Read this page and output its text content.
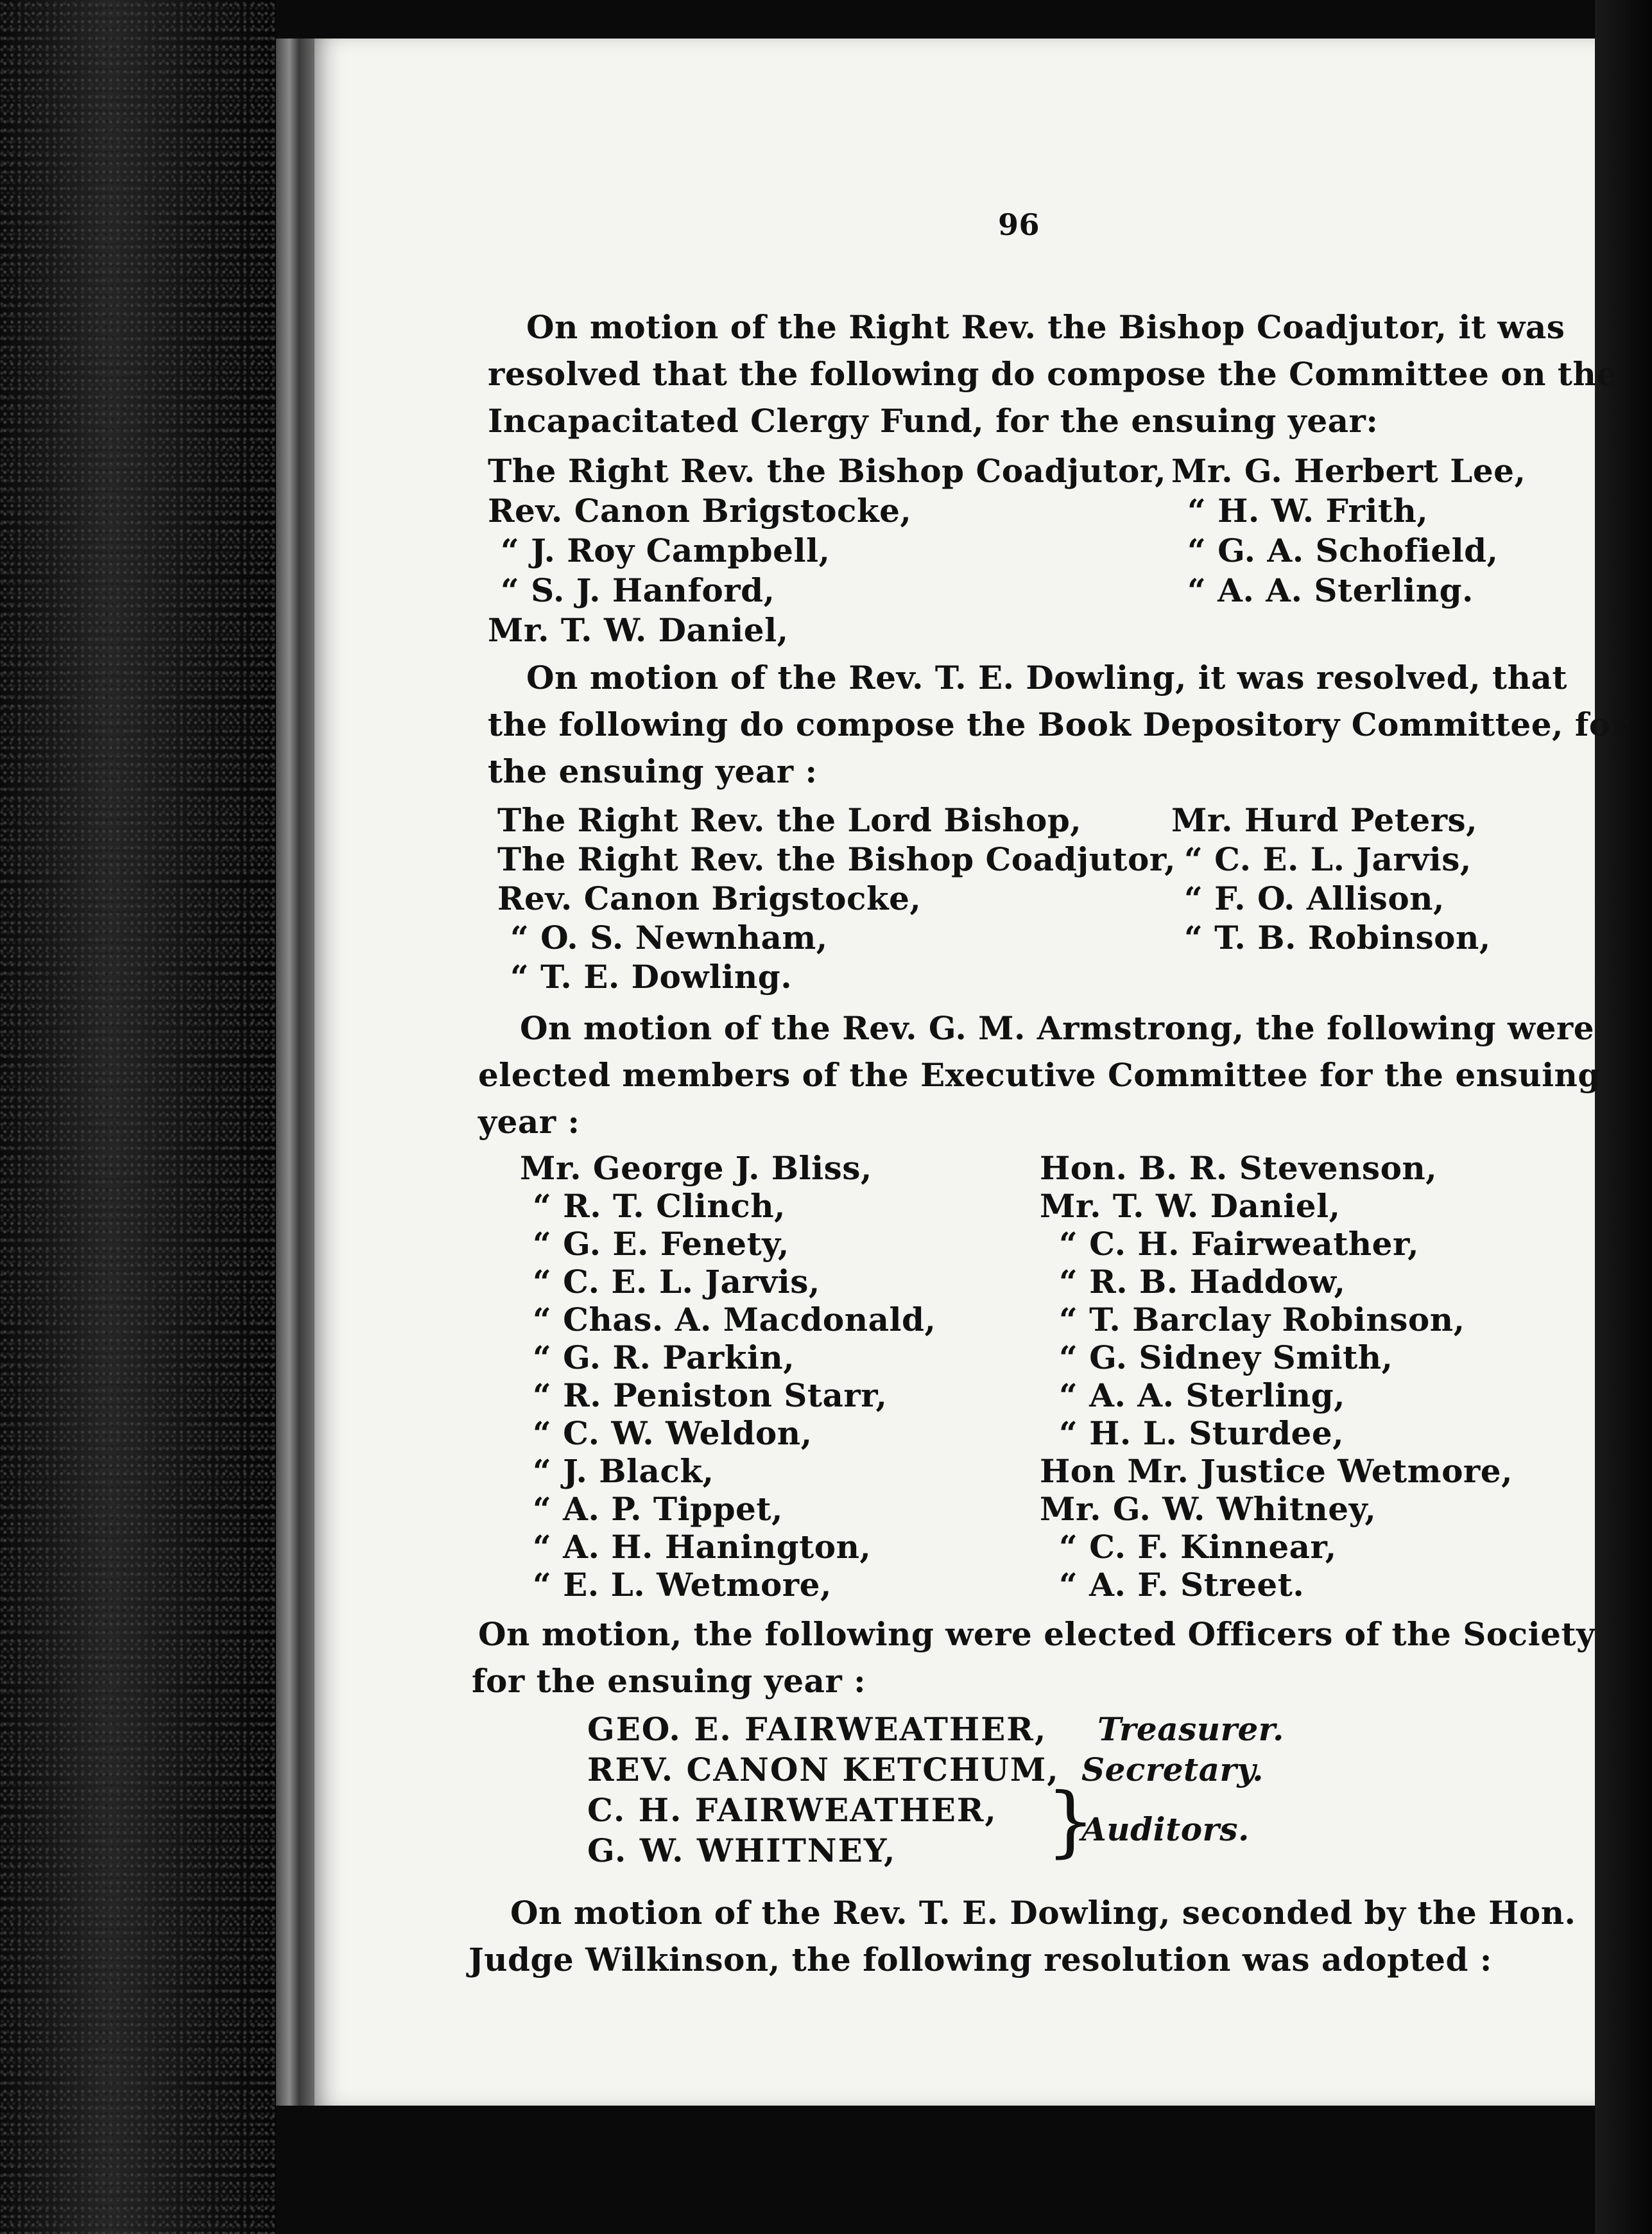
96
On motion of the Right Rev. the Bishop Coadjutor, it was
resolved that the following do compose the Committee on the
Incapacitated Clergy Fund, for the ensuing year:
The Right Rev. the Bishop Coadjutor,
Rev. Canon Brigstocke,
“ J. Roy Campbell,
“ S. J. Hanford,
Mr. T. W. Daniel,
Mr. G. Herbert Lee,
“ H. W. Frith,
“ G. A. Schofield,
“ A. A. Sterling.
On motion of the Rev. T. E. Dowling, it was resolved, that
the following do compose the Book Depository Committee, for
the ensuing year :
The Right Rev. the Lord Bishop,
The Right Rev. the Bishop Coadjutor,
Rev. Canon Brigstocke,
“ O. S. Newnham,
“ T. E. Dowling.
Mr. Hurd Peters,
“ C. E. L. Jarvis,
“ F. O. Allison,
“ T. B. Robinson,
On motion of the Rev. G. M. Armstrong, the following were
elected members of the Executive Committee for the ensuing
year :
Mr. George J. Bliss,
“ R. T. Clinch,
“ G. E. Fenety,
“ C. E. L. Jarvis,
“ Chas. A. Macdonald,
“ G. R. Parkin,
“ R. Peniston Starr,
“ C. W. Weldon,
“ J. Black,
“ A. P. Tippet,
“ A. H. Hanington,
“ E. L. Wetmore,
Hon. B. R. Stevenson,
Mr. T. W. Daniel,
“ C. H. Fairweather,
“ R. B. Haddow,
“ T. Barclay Robinson,
“ G. Sidney Smith,
“ A. A. Sterling,
“ H. L. Sturdee,
Hon Mr. Justice Wetmore,
Mr. G. W. Whitney,
“ C. F. Kinnear,
“ A. F. Street.
On motion, the following were elected Officers of the Society
for the ensuing year :
GEO. E. FAIRWEATHER, Treasurer.
REV. CANON KETCHUM, Secretary.
C. H. FAIRWEATHER,
G. W. WHITNEY, }
Auditors.
On motion of the Rev. T. E. Dowling, seconded by the Hon.
Judge Wilkinson, the following resolution was adopted :
